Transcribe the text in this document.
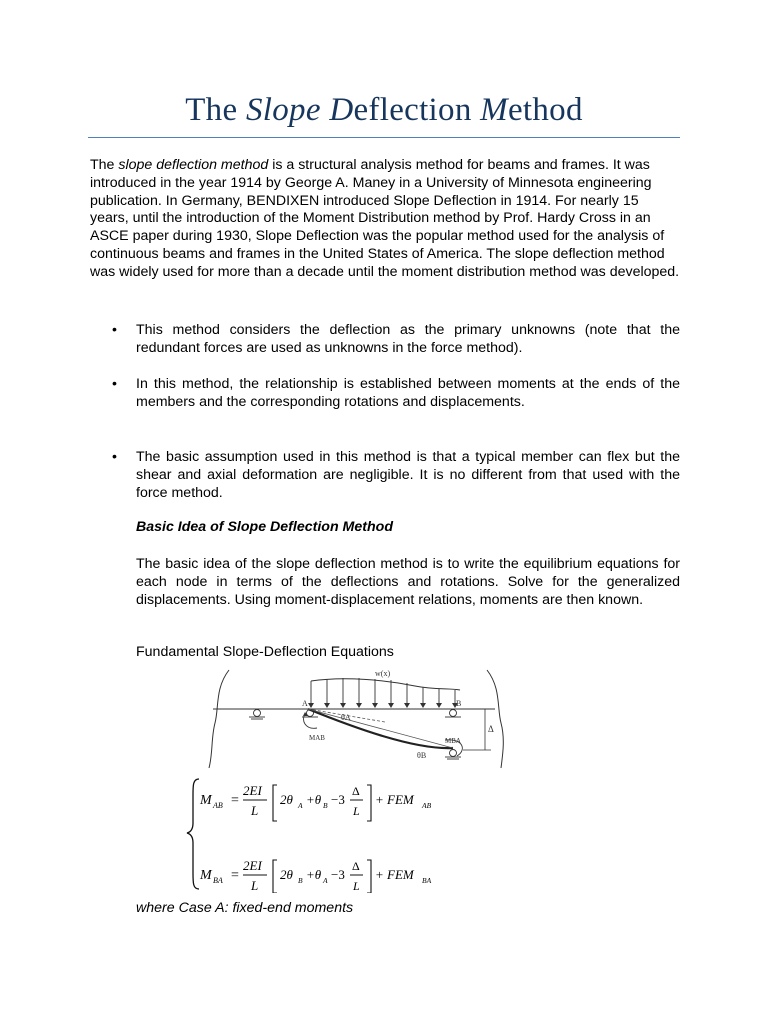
The Slope Deflection Method
The slope deflection method is a structural analysis method for beams and frames. It was introduced in the year 1914 by George A. Maney in a University of Minnesota engineering publication. In Germany, BENDIXEN introduced Slope Deflection in 1914. For nearly 15 years, until the introduction of the Moment Distribution method by Prof. Hardy Cross in an ASCE paper during 1930, Slope Deflection was the popular method used for the analysis of continuous beams and frames in the United States of America. The slope deflection method was widely used for more than a decade until the moment distribution method was developed.
• This method considers the deflection as the primary unknowns (note that the redundant forces are used as unknowns in the force method).
• In this method, the relationship is established between moments at the ends of the members and the corresponding rotations and displacements.
• The basic assumption used in this method is that a typical member can flex but the shear and axial deformation are negligible. It is no different from that used with the force method.
Basic Idea of Slope Deflection Method
The basic idea of the slope deflection method is to write the equilibrium equations for each node in terms of the deflections and rotations. Solve for the generalized displacements. Using moment-displacement relations, moments are then known.
Fundamental Slope-Deflection Equations
w(x)
Δ
A	B
θA
θB
MAB	MBA
M AB =
2EI
L
2θ A +θ B −3
Δ
L
+ FEM AB
M BA =
2EI
L
2θ B +θ A −3
Δ
L
+ FEM BA
where Case A: fixed-end moments
